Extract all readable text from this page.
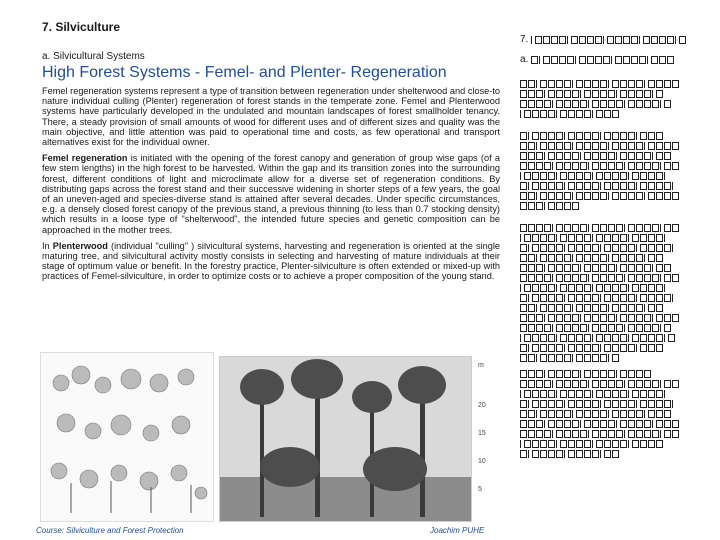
7. Silviculture
a. Silvicultural Systems
High Forest Systems - Femel- and Plenter- Regeneration

Femel regeneration systems represent a type of transition between regeneration under shelterwood and close-to nature individual culling (Plenter) regeneration of forest stands in the temperate zone. Femel and Plenterwood systems have particularly developed in the undulated and mountain landscapes of forest smallholder tenancy. There, a steady provision of small amounts of wood for different uses and of different sizes and quality was the main objective, and little attention was paid to operational time and costs, as few operational and transport alternatives exist for the individual owner.

Femel regeneration is initiated with the opening of the forest canopy and generation of group wise gaps (of a few stem lengths) in the high forest to be harvested. Within the gap and its transition zones into the surrounding forest, different conditions of light and microclimate allow for a diverse set of regeneration conditions. By distributing gaps across the forest stand and their successive widening in shorter steps of a few years, the goal of an uneven-aged and species-diverse stand is attained after several decades. Under specific circumstances, e.g. a densely closed forest canopy of the previous stand, a previous thinning (to less than 0.7 stocking density) which results in a loose type of "shelterwood", the intended future species and genetic composition can be approached in the mother trees.

In Plenterwood (individual "culling" ) silvicultural systems, harvesting and regeneration is oriented at the single maturing tree, and silvicultural activity mostly consists in selecting and harvesting of mature individuals at their stage of optimum value or benefit. In the forestry practice, Plenter-silviculture is often extended or mixed-up with practices of Femel-silviculture, in order to optimize costs or to achieve a proper composition of the young stand.

m
20
15
10
5
Course: Silviculture and Forest Protection	Joachim PUHE
7.
a.
